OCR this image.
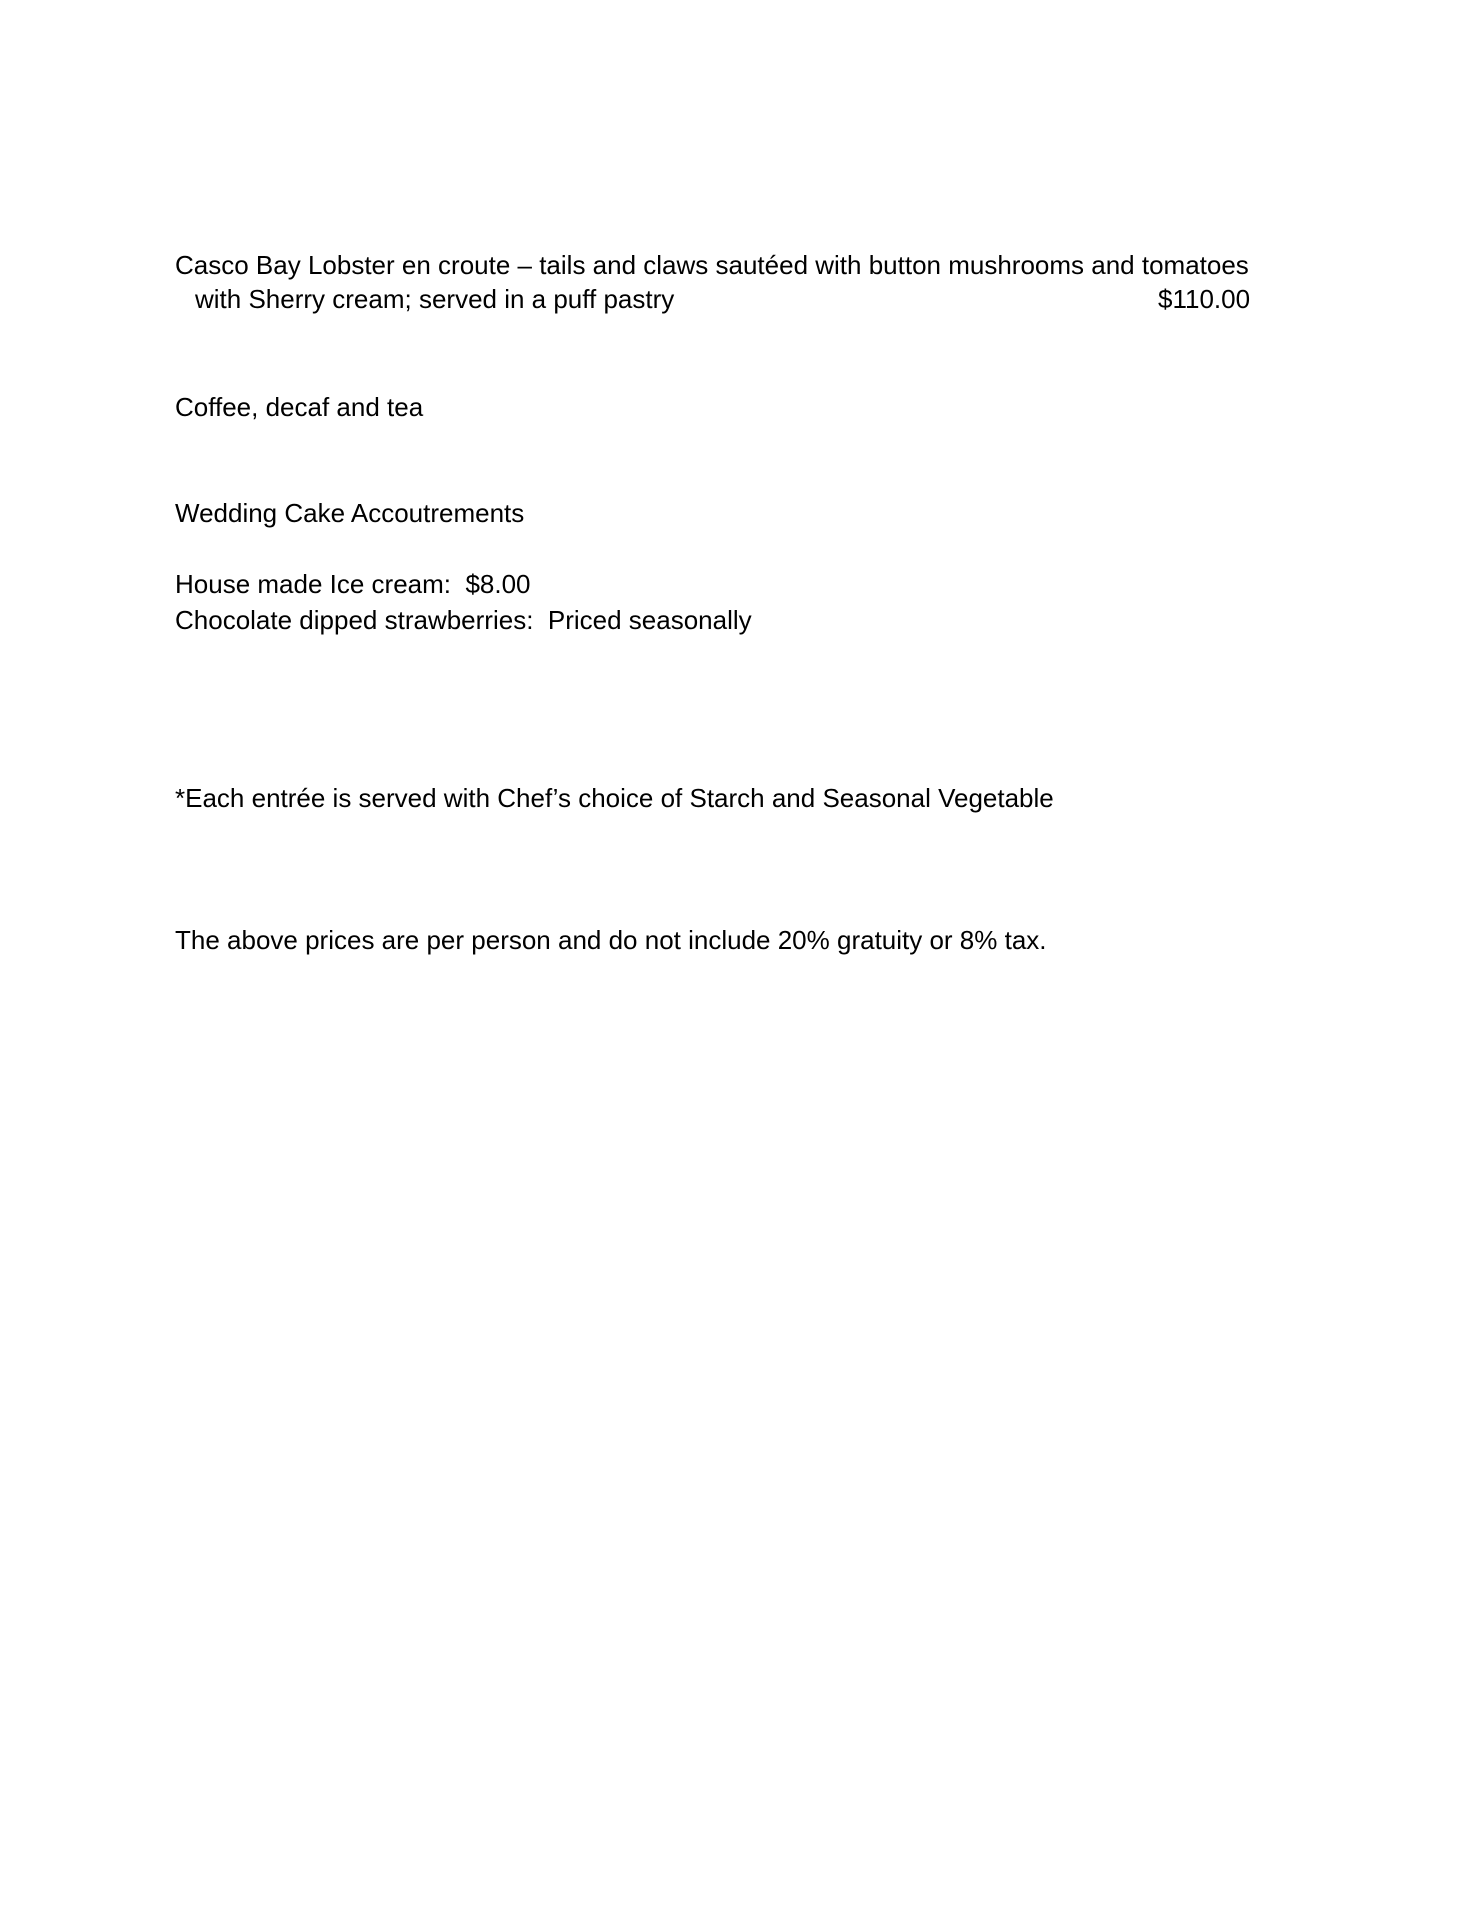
Casco Bay Lobster en croute – tails and claws sautéed with button mushrooms and tomatoes

with Sherry cream; served in a puff pastry	$110.00

Coffee, decaf and tea

Wedding Cake Accoutrements

House made Ice cream:  $8.00

Chocolate dipped strawberries:  Priced seasonally

*Each entrée is served with Chef’s choice of Starch and Seasonal Vegetable

The above prices are per person and do not include 20% gratuity or 8% tax.
